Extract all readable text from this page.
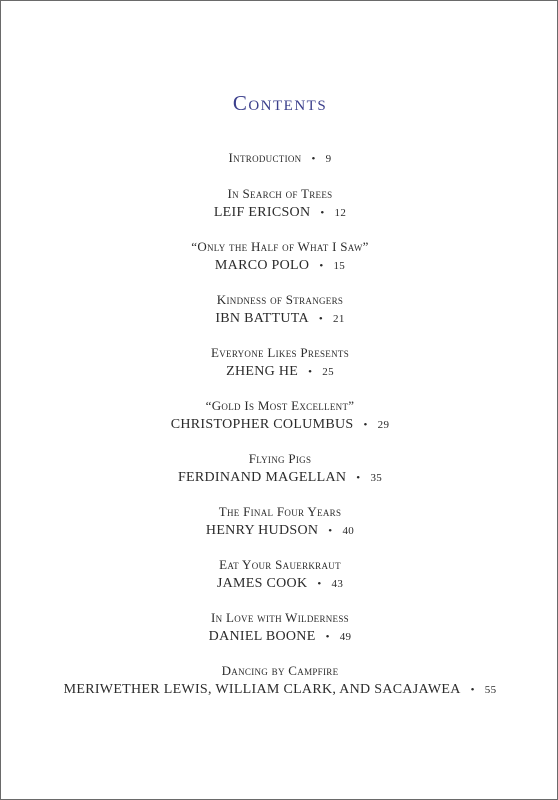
Contents
Introduction • 9
In Search of Trees
LEIF ERICSON • 12
“Only the Half of What I Saw”
MARCO POLO • 15
Kindness of Strangers
IBN BATTUTA • 21
Everyone Likes Presents
ZHENG HE • 25
“Gold Is Most Excellent”
CHRISTOPHER COLUMBUS • 29
Flying Pigs
FERDINAND MAGELLAN • 35
The Final Four Years
HENRY HUDSON • 40
Eat Your Sauerkraut
JAMES COOK • 43
In Love with Wilderness
DANIEL BOONE • 49
Dancing by Campfire
MERIWETHER LEWIS, WILLIAM CLARK, AND SACAJAWEA • 55
